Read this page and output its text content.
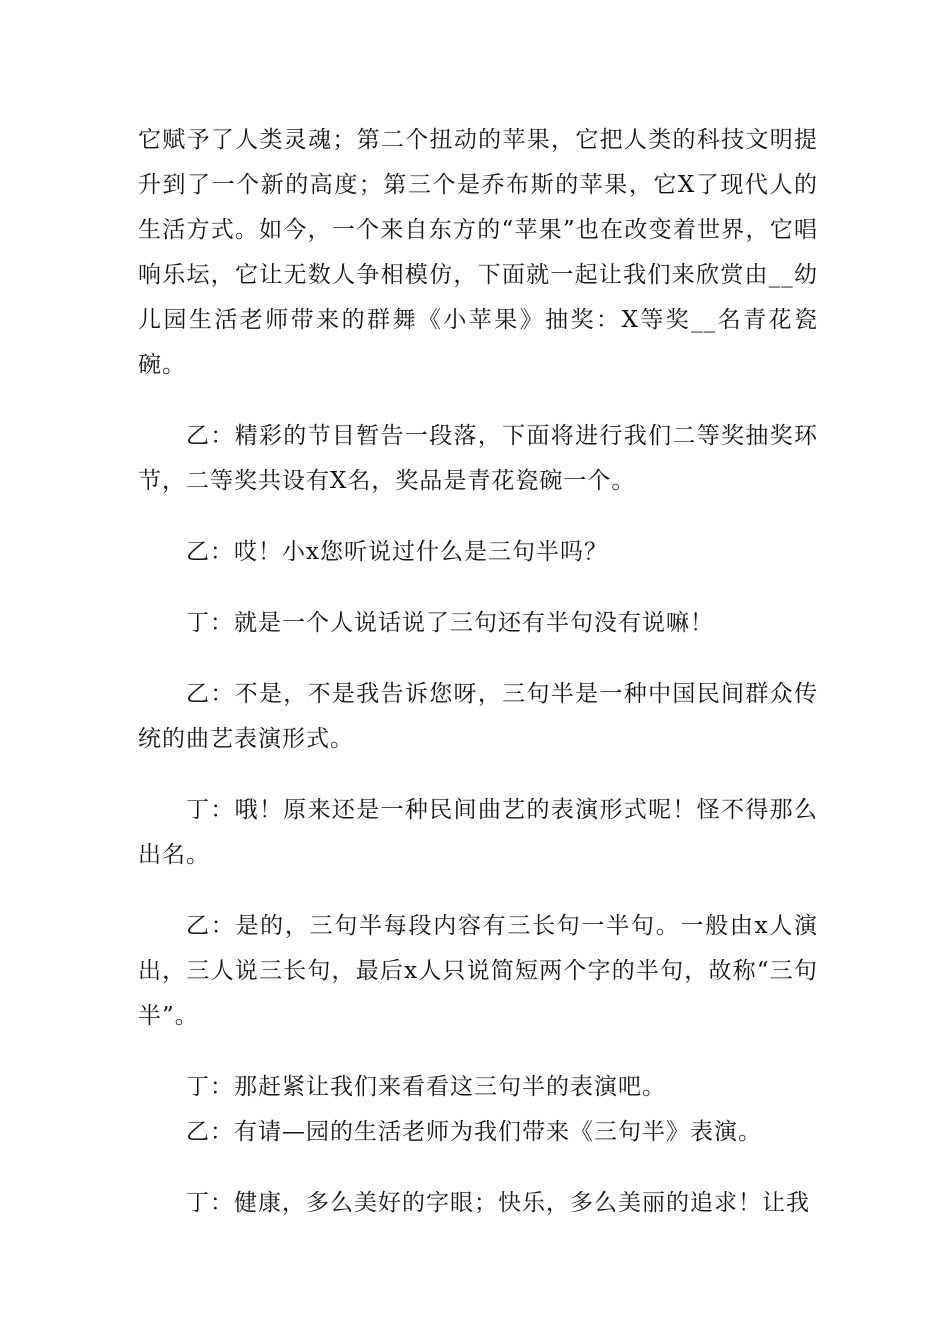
它赋予了人类灵魂；第二个扭动的苹果，它把人类的科技文明提升到了一个新的高度；第三个是乔布斯的苹果，它X了现代人的生活方式。如今，一个来自东方的“苹果”也在改变着世界，它唱响乐坛，它让无数人争相模仿，下面就一起让我们来欣赏由__幼儿园生活老师带来的群舞《小苹果》抽奖：X等奖__名青花瓷碗。

乙：精彩的节目暂告一段落，下面将进行我们二等奖抽奖环节，二等奖共设有X名，奖品是青花瓷碗一个。

乙：哎！小x您听说过什么是三句半吗？

丁：就是一个人说话说了三句还有半句没有说嘛！

乙：不是，不是我告诉您呀，三句半是一种中国民间群众传统的曲艺表演形式。

丁：哦！原来还是一种民间曲艺的表演形式呢！怪不得那么出名。

乙：是的，三句半每段内容有三长句一半句。一般由x人演出，三人说三长句，最后x人只说简短两个字的半句，故称“三句半”。

丁：那赶紧让我们来看看这三句半的表演吧。

乙：有请—园的生活老师为我们带来《三句半》表演。

丁：健康，多么美好的字眼；快乐，多么美丽的追求！让我
